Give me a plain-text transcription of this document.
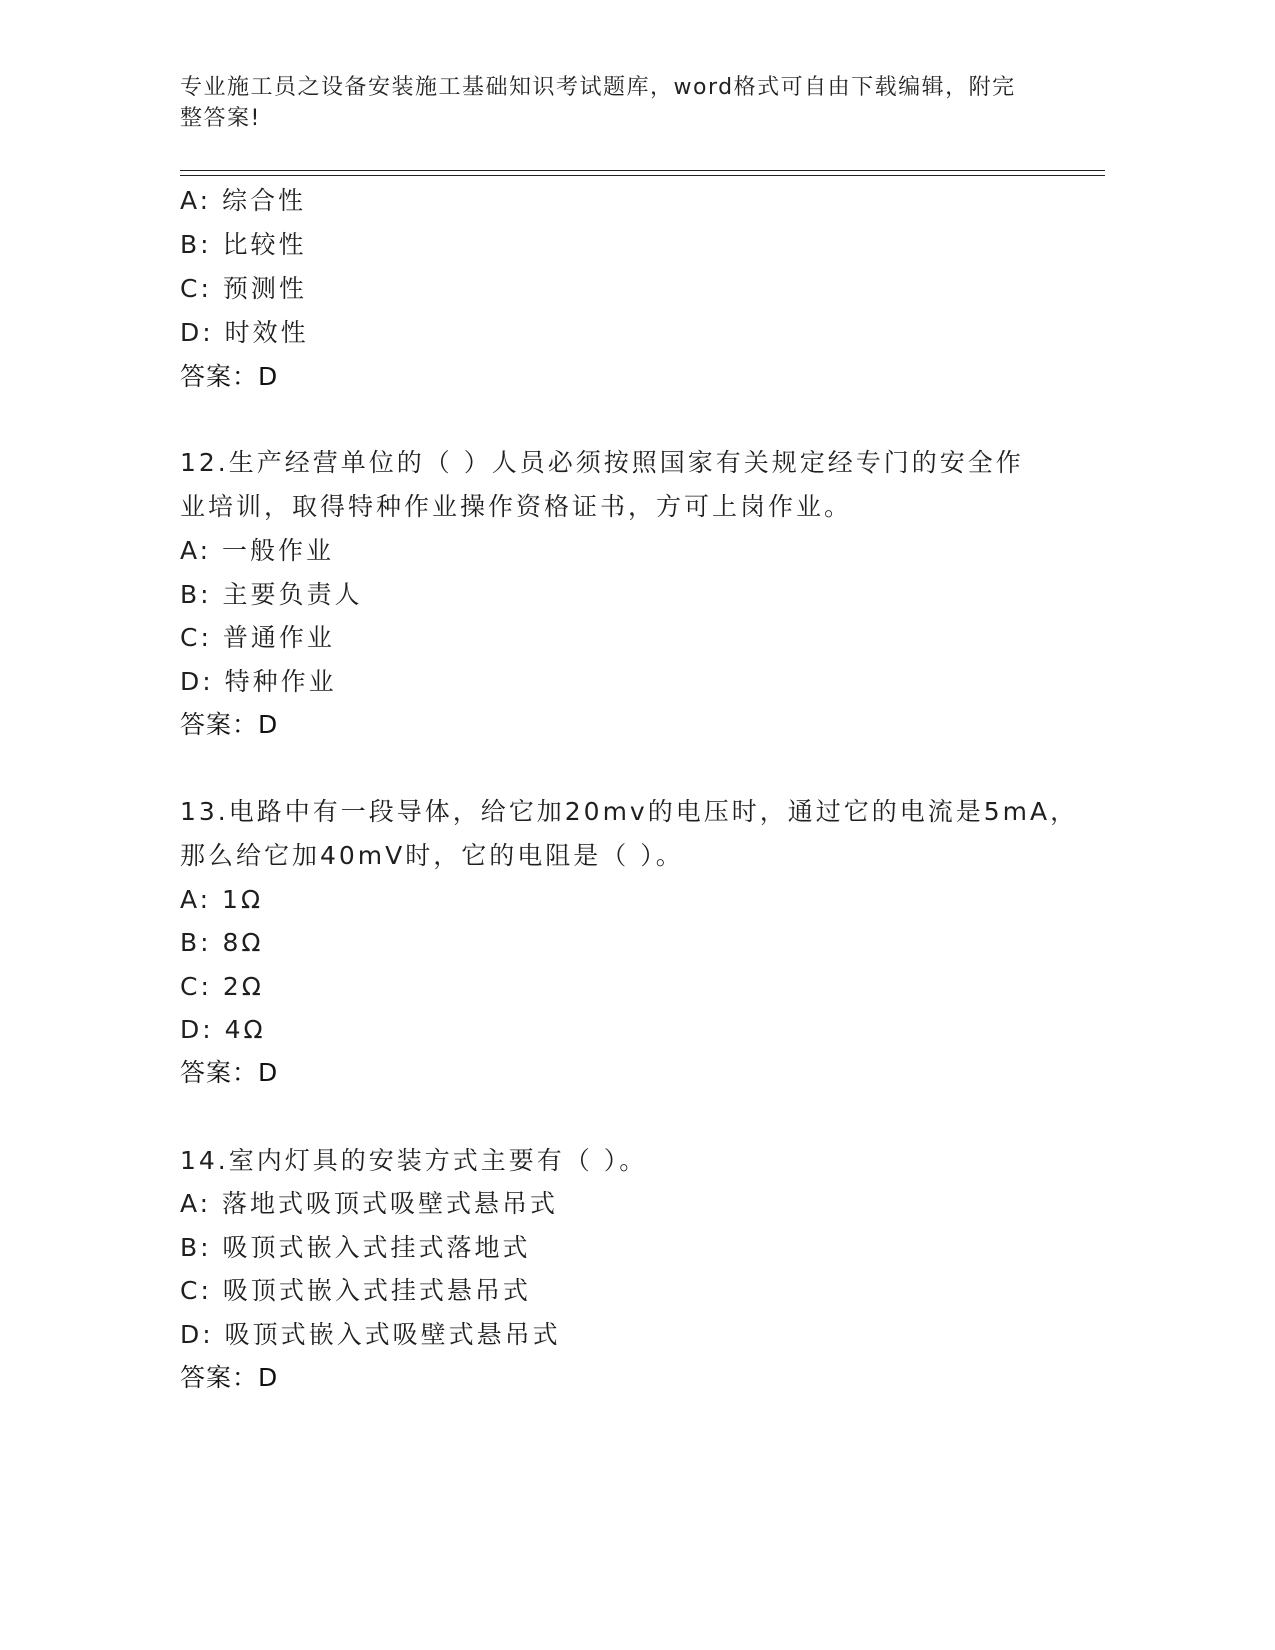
专业施工员之设备安装施工基础知识考试题库，word格式可自由下载编辑，附完
整答案!
A: 综合性
B: 比较性
C: 预测性
D: 时效性
答案：D
12.生产经营单位的（ ）人员必须按照国家有关规定经专门的安全作
业培训，取得特种作业操作资格证书，方可上岗作业。
A: 一般作业
B: 主要负责人
C: 普通作业
D: 特种作业
答案：D
13.电路中有一段导体，给它加20mv的电压时，通过它的电流是5mA，
那么给它加40mV时，它的电阻是（ ）。
A: 1Ω
B: 8Ω
C: 2Ω
D: 4Ω
答案：D
14.室内灯具的安装方式主要有（ ）。
A: 落地式吸顶式吸壁式悬吊式
B: 吸顶式嵌入式挂式落地式
C: 吸顶式嵌入式挂式悬吊式
D: 吸顶式嵌入式吸壁式悬吊式
答案：D
